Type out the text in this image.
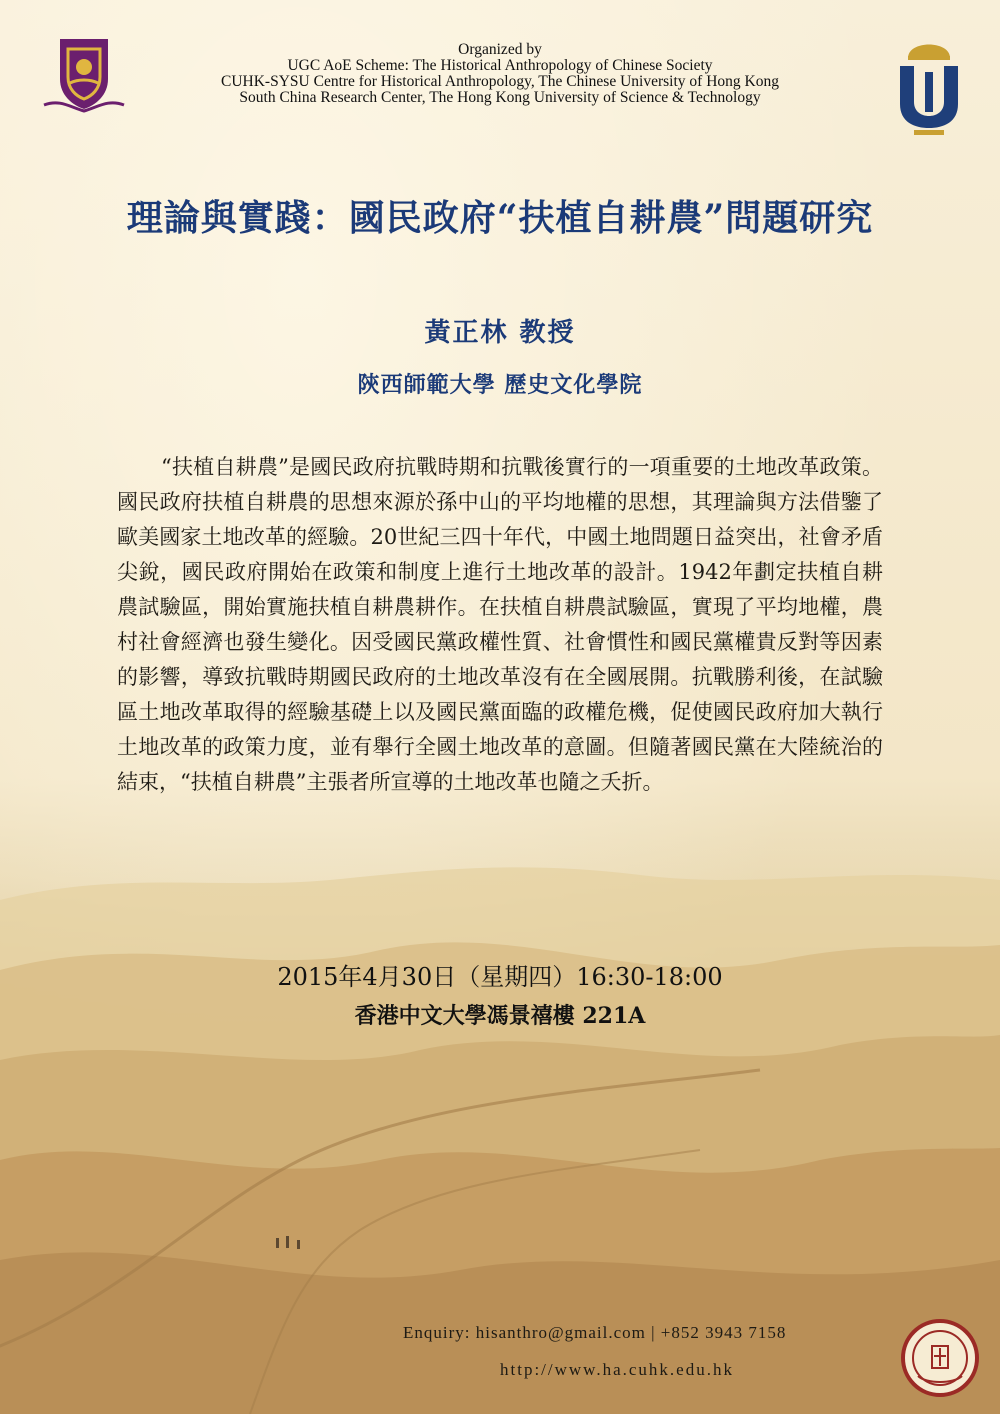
Organized by
UGC AoE Scheme: The Historical Anthropology of Chinese Society
CUHK-SYSU Centre for Historical Anthropology, The Chinese University of Hong Kong
South China Research Center, The Hong Kong University of Science & Technology
理論與實踐：國民政府“扶植自耕農”問題研究
黃正林 教授
陝西師範大學 歷史文化學院

“扶植自耕農”是國民政府抗戰時期和抗戰後實行的一項重要的土地改革政策。國民政府扶植自耕農的思想來源於孫中山的平均地權的思想，其理論與方法借鑒了歐美國家土地改革的經驗。20世紀三四十年代，中國土地問題日益突出，社會矛盾尖銳，國民政府開始在政策和制度上進行土地改革的設計。1942年劃定扶植自耕農試驗區，開始實施扶植自耕農耕作。在扶植自耕農試驗區，實現了平均地權，農村社會經濟也發生變化。因受國民黨政權性質、社會慣性和國民黨權貴反對等因素的影響，導致抗戰時期國民政府的土地改革沒有在全國展開。抗戰勝利後，在試驗區土地改革取得的經驗基礎上以及國民黨面臨的政權危機，促使國民政府加大執行土地改革的政策力度，並有舉行全國土地改革的意圖。但隨著國民黨在大陸統治的結束，“扶植自耕農”主張者所宣導的土地改革也隨之夭折。

2015年4月30日（星期四）16:30-18:00
香港中文大學馮景禧樓 221A
Enquiry: hisanthro@gmail.com | +852 3943 7158
http://www.ha.cuhk.edu.hk
